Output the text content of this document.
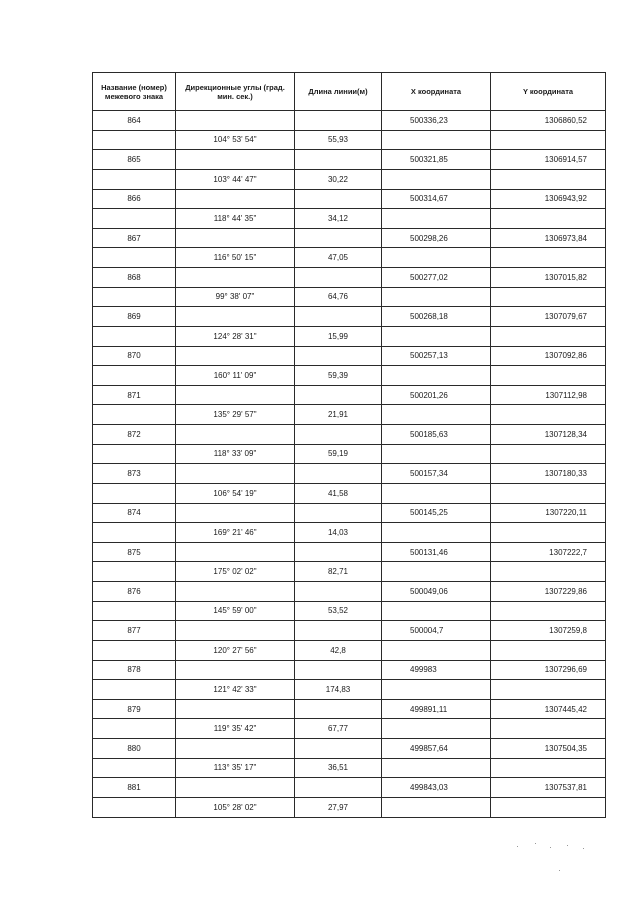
Название (номер) межевого знака	Дирекционные углы (град. мин. сек.)	Длина линии(м)	X координата	Y координата
864			500336,23	1306860,52
	104° 53' 54"	55,93		
865			500321,85	1306914,57
	103° 44' 47"	30,22		
866			500314,67	1306943,92
	118° 44' 35"	34,12		
867			500298,26	1306973,84
	116° 50' 15"	47,05		
868			500277,02	1307015,82
	99° 38' 07"	64,76		
869			500268,18	1307079,67
	124° 28' 31"	15,99		
870			500257,13	1307092,86
	160° 11' 09"	59,39		
871			500201,26	1307112,98
	135° 29' 57"	21,91		
872			500185,63	1307128,34
	118° 33' 09"	59,19		
873			500157,34	1307180,33
	106° 54' 19"	41,58		
874			500145,25	1307220,11
	169° 21' 46"	14,03		
875			500131,46	1307222,7
	175° 02' 02"	82,71		
876			500049,06	1307229,86
	145° 59' 00"	53,52		
877			500004,7	1307259,8
	120° 27' 56"	42,8		
878			499983	1307296,69
	121° 42' 33"	174,83		
879			499891,11	1307445,42
	119° 35' 42"	67,77		
880			499857,64	1307504,35
	113° 35' 17"	36,51		
881			499843,03	1307537,81
	105° 28' 02"	27,97		
